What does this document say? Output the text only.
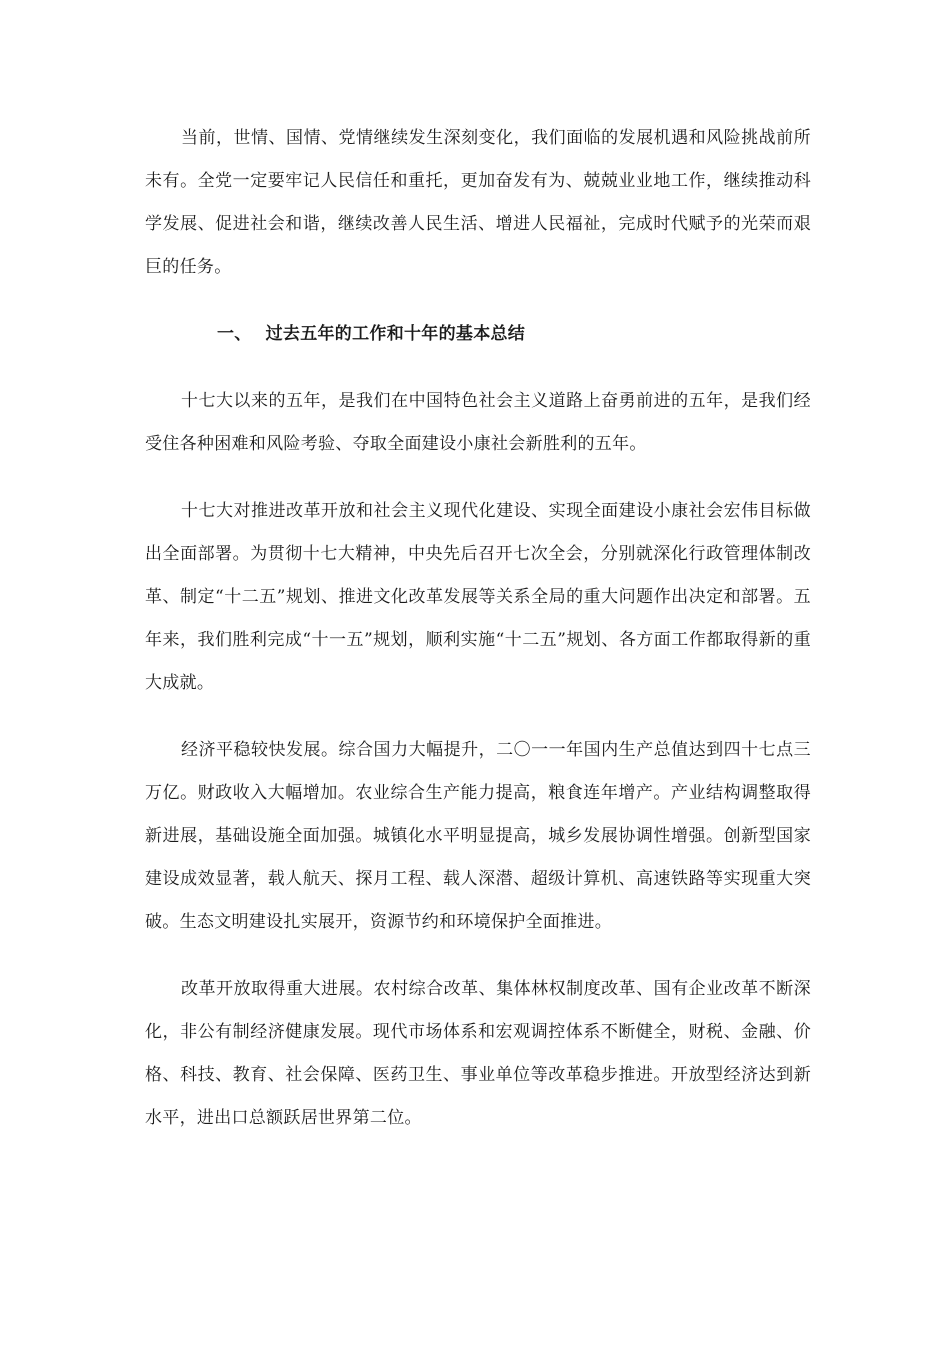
当前，世情、国情、党情继续发生深刻变化，我们面临的发展机遇和风险挑战前所未有。全党一定要牢记人民信任和重托，更加奋发有为、兢兢业业地工作，继续推动科学发展、促进社会和谐，继续改善人民生活、增进人民福祉，完成时代赋予的光荣而艰巨的任务。

一、 过去五年的工作和十年的基本总结

十七大以来的五年，是我们在中国特色社会主义道路上奋勇前进的五年，是我们经受住各种困难和风险考验、夺取全面建设小康社会新胜利的五年。

十七大对推进改革开放和社会主义现代化建设、实现全面建设小康社会宏伟目标做出全面部署。为贯彻十七大精神，中央先后召开七次全会，分别就深化行政管理体制改革、制定“十二五”规划、推进文化改革发展等关系全局的重大问题作出决定和部署。五年来，我们胜利完成“十一五”规划，顺利实施“十二五”规划、各方面工作都取得新的重大成就。

经济平稳较快发展。综合国力大幅提升，二〇一一年国内生产总值达到四十七点三万亿。财政收入大幅增加。农业综合生产能力提高，粮食连年增产。产业结构调整取得新进展，基础设施全面加强。城镇化水平明显提高，城乡发展协调性增强。创新型国家建设成效显著，载人航天、探月工程、载人深潜、超级计算机、高速铁路等实现重大突破。生态文明建设扎实展开，资源节约和环境保护全面推进。

改革开放取得重大进展。农村综合改革、集体林权制度改革、国有企业改革不断深化，非公有制经济健康发展。现代市场体系和宏观调控体系不断健全，财税、金融、价格、科技、教育、社会保障、医药卫生、事业单位等改革稳步推进。开放型经济达到新水平，进出口总额跃居世界第二位。
